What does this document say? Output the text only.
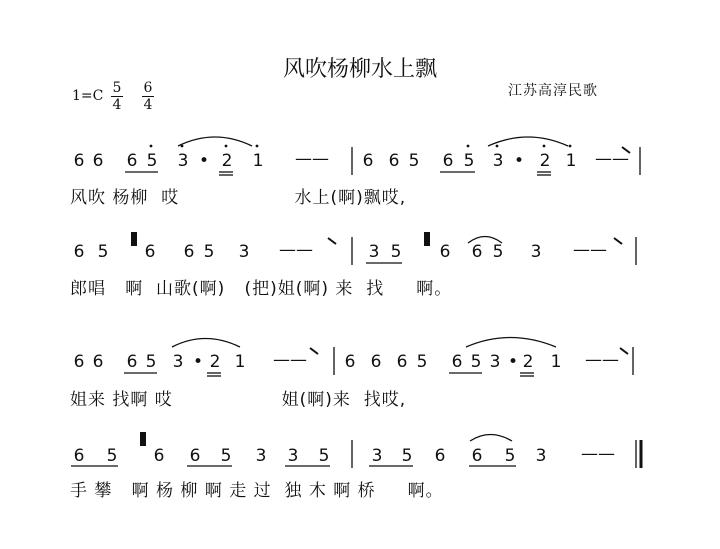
风吹杨柳水上飘
江苏高淳民歌
1=C 5
4
6
4
6 6 6 5 3 • 2 1 —— 6 6 5 6 5 3 • 2 1 ——
风吹 杨柳  哎                  水上(啊)飘哎,
6 5 6 6 5 3 ——	3 5 6 6 5 3 ——
郎唱   啊  山歌(啊)   (把)姐(啊) 来  找     啊。
6 6 6 5 3 • 2 1 —— 6 6 6 5 6 5 3 • 2 1 ——
姐来 找啊 哎                 姐(啊)来  找哎,
6 5 6 6 5 3 3 5 3 5 6 6 5 3 ——
手 攀   啊 杨 柳 啊 走 过  独 木 啊 桥     啊。
